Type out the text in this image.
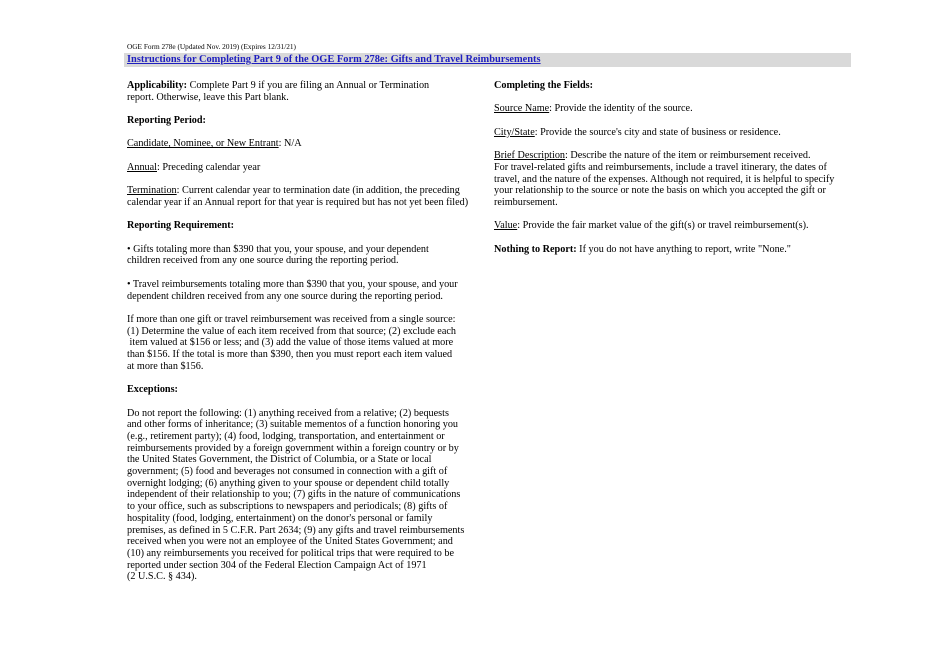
OGE Form 278e (Updated Nov. 2019) (Expires 12/31/21)
Instructions for Completing Part 9 of the OGE Form 278e: Gifts and Travel Reimbursements

Applicability: Complete Part 9 if you are filing an Annual or Termination
report. Otherwise, leave this Part blank.

Reporting Period:

Candidate, Nominee, or New Entrant: N/A

Annual: Preceding calendar year

Termination: Current calendar year to termination date (in addition, the preceding
calendar year if an Annual report for that year is required but has not yet been filed)

Reporting Requirement:

• Gifts totaling more than $390 that you, your spouse, and your dependent
children received from any one source during the reporting period.

• Travel reimbursements totaling more than $390 that you, your spouse, and your
dependent children received from any one source during the reporting period.

If more than one gift or travel reimbursement was received from a single source:
(1) Determine the value of each item received from that source; (2) exclude each
item valued at $156 or less; and (3) add the value of those items valued at more
than $156. If the total is more than $390, then you must report each item valued
at more than $156.

Exceptions:

Do not report the following: (1) anything received from a relative; (2) bequests
and other forms of inheritance; (3) suitable mementos of a function honoring you
(e.g., retirement party); (4) food, lodging, transportation, and entertainment or
reimbursements provided by a foreign government within a foreign country or by
the United States Government, the District of Columbia, or a State or local
government; (5) food and beverages not consumed in connection with a gift of
overnight lodging; (6) anything given to your spouse or dependent child totally
independent of their relationship to you; (7) gifts in the nature of communications
to your office, such as subscriptions to newspapers and periodicals; (8) gifts of
hospitality (food, lodging, entertainment) on the donor's personal or family
premises, as defined in 5 C.F.R. Part 2634; (9) any gifts and travel reimbursements
received when you were not an employee of the United States Government; and
(10) any reimbursements you received for political trips that were required to be
reported under section 304 of the Federal Election Campaign Act of 1971
(2 U.S.C. § 434).

Completing the Fields:

Source Name: Provide the identity of the source.

City/State: Provide the source's city and state of business or residence.

Brief Description: Describe the nature of the item or reimbursement received.
For travel-related gifts and reimbursements, include a travel itinerary, the dates of
travel, and the nature of the expenses. Although not required, it is helpful to specify
your relationship to the source or note the basis on which you accepted the gift or
reimbursement.

Value: Provide the fair market value of the gift(s) or travel reimbursement(s).

Nothing to Report: If you do not have anything to report, write "None."
